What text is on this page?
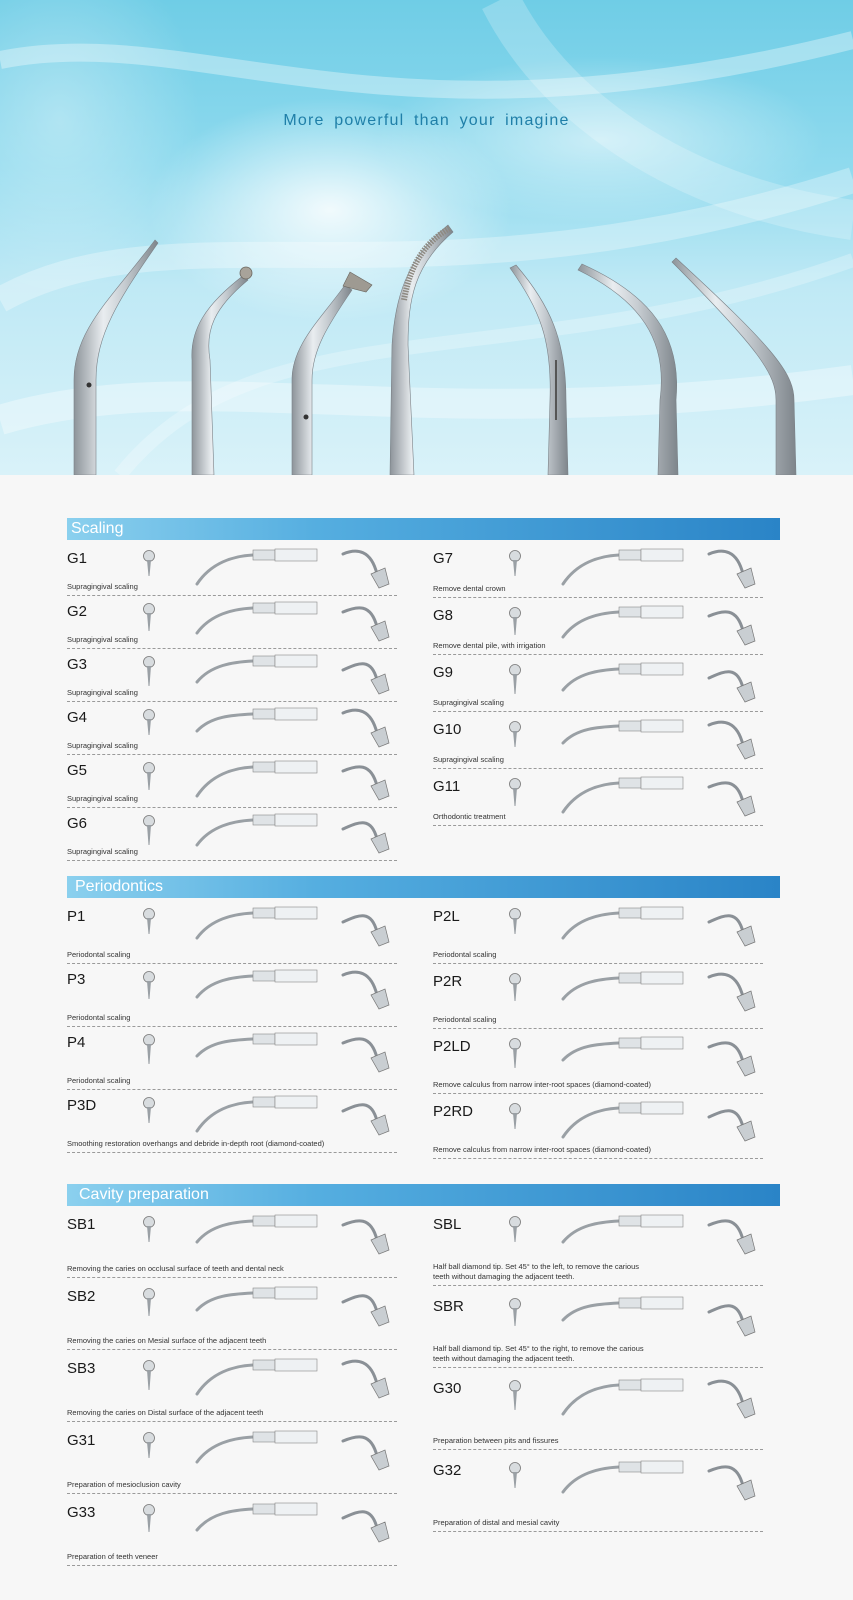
More powerful than your imagine
Scaling
G1
Supragingival scaling
G2
Supragingival scaling
G3
Supragingival scaling
G4
Supragingival scaling
G5
Supragingival scaling
G6
Supragingival scaling
G7
Remove dental crown
G8
Remove dental pile, with irrigation
G9
Supragingival scaling
G10
Supragingival scaling
G11
Orthodontic treatment
Periodontics
P1
Periodontal scaling
P3
Periodontal scaling
P4
Periodontal scaling
P3D
Smoothing restoration overhangs and debride in-depth root (diamond-coated)
P2L
Periodontal scaling
P2R
Periodontal scaling
P2LD
Remove calculus from narrow inter-root spaces (diamond-coated)
P2RD
Remove calculus from narrow inter-root spaces (diamond-coated)
Cavity preparation
SB1
Removing the caries on occlusal surface of teeth and dental neck
SB2
Removing the caries on Mesial surface of the adjacent teeth
SB3
Removing the caries on Distal surface of the adjacent teeth
G31
Preparation of mesioclusion cavity
G33
Preparation of teeth veneer
SBL
Half ball diamond tip. Set 45° to the left, to remove the carious teeth without damaging the adjacent teeth.
SBR
Half ball diamond tip. Set 45° to the right, to remove the carious teeth without damaging the adjacent teeth.
G30
Preparation between pits and fissures
G32
Preparation of distal and mesial cavity
